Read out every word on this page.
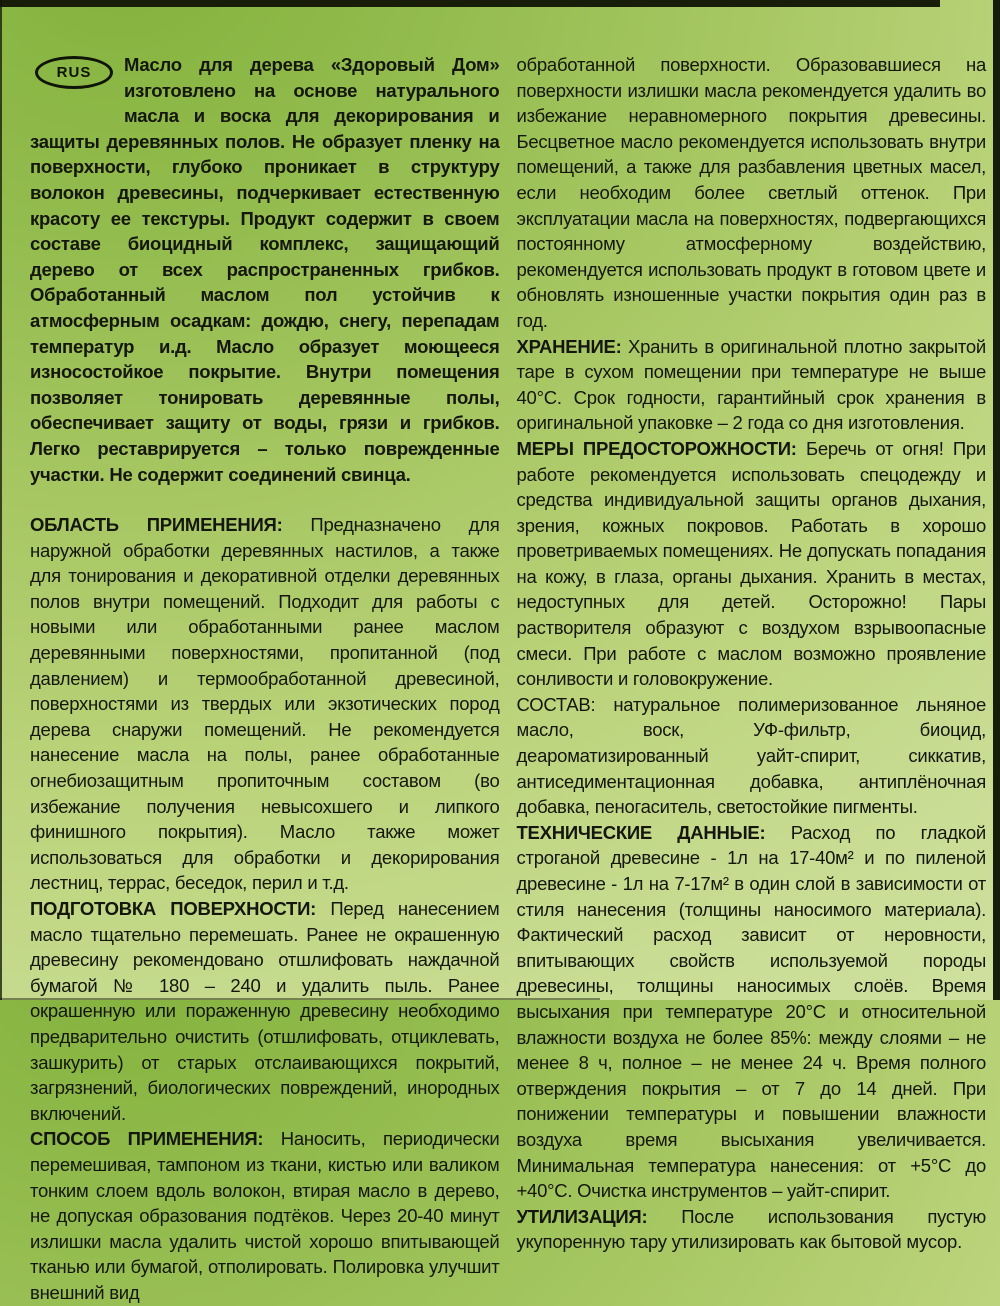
RUS	Масло для дерева «Здоровый Дом» изготовлено на основе натурального масла и воска для декорирования и защиты деревянных полов. Не образует пленку на поверхности, глубоко проникает в структуру волокон древесины, подчеркивает естественную красоту ее текстуры. Продукт содержит в своем составе биоцидный комплекс, защищающий дерево от всех распространенных грибков. Обработанный маслом пол устойчив к атмосферным осадкам: дождю, снегу, перепадам температур и.д. Масло образует моющееся износостойкое покрытие. Внутри помещения позволяет тонировать деревянные полы, обеспечивает защиту от воды, грязи и грибков. Легко реставрируется – только поврежденные участки. Не содержит соединений свинца.

ОБЛАСТЬ ПРИМЕНЕНИЯ: Предназначено для наружной обработки деревянных настилов, а также для тонирования и декоративной отделки деревянных полов внутри помещений. Подходит для работы с новыми или обработанными ранее маслом деревянными поверхностями, пропитанной (под давлением) и термообработанной древесиной, поверхностями из твердых или экзотических пород дерева снаружи помещений. Не рекомендуется нанесение масла на полы, ранее обработанные огнебиозащитным пропиточным составом (во избежание получения невысохшего и липкого финишного покрытия). Масло также может использоваться для обработки и декорирования лестниц, террас, беседок, перил и т.д.

ПОДГОТОВКА ПОВЕРХНОСТИ: Перед нанесением масло тщательно перемешать. Ранее не окрашенную древесину рекомендовано отшлифовать наждачной бумагой № 180 – 240 и удалить пыль. Ранее окрашенную или пораженную древесину необходимо предварительно очистить (отшлифовать, отциклевать, зашкурить) от старых отслаивающихся покрытий, загрязнений, биологических повреждений, инородных включений.

СПОСОБ ПРИМЕНЕНИЯ: Наносить, периодически перемешивая, тампоном из ткани, кистью или валиком тонким слоем вдоль волокон, втирая масло в дерево, не допуская образования подтёков. Через 20-40 минут излишки масла удалить чистой хорошо впитывающей тканью или бумагой, отполировать. Полировка улучшит внешний вид

обработанной поверхности. Образовавшиеся на поверхности излишки масла рекомендуется удалить во избежание неравномерного покрытия древесины. Бесцветное масло рекомендуется использовать внутри помещений, а также для разбавления цветных масел, если необходим более светлый оттенок. При эксплуатации масла на поверхностях, подвергающихся постоянному атмосферному воздействию, рекомендуется использовать продукт в готовом цвете и обновлять изношенные участки покрытия один раз в год.

ХРАНЕНИЕ: Хранить в оригинальной плотно закрытой таре в сухом помещении при температуре не выше 40°С. Срок годности, гарантийный срок хранения в оригинальной упаковке – 2 года со дня изготовления.

МЕРЫ ПРЕДОСТОРОЖНОСТИ: Беречь от огня! При работе рекомендуется использовать спецодежду и средства индивидуальной защиты органов дыхания, зрения, кожных покровов. Работать в хорошо проветриваемых помещениях. Не допускать попадания на кожу, в глаза, органы дыхания. Хранить в местах, недоступных для детей. Осторожно! Пары растворителя образуют с воздухом взрывоопасные смеси. При работе с маслом возможно проявление сонливости и головокружение.

СОСТАВ: натуральное полимеризованное льняное масло, воск, УФ-фильтр, биоцид, деароматизированный уайт-спирит, сиккатив, антиседиментационная добавка, антиплёночная добавка, пеногаситель, светостойкие пигменты.

ТЕХНИЧЕСКИЕ ДАННЫЕ: Расход по гладкой строганой древесине - 1л на 17-40м² и по пиленой древесине - 1л на 7-17м² в один слой в зависимости от стиля нанесения (толщины наносимого материала). Фактический расход зависит от неровности, впитывающих свойств используемой породы древесины, толщины наносимых слоёв. Время высыхания при температуре 20°С и относительной влажности воздуха не более 85%: между слоями – не менее 8 ч, полное – не менее 24 ч. Время полного отверждения покрытия – от 7 до 14 дней. При понижении температуры и повышении влажности воздуха время высыхания увеличивается. Минимальная температура нанесения: от +5°С до +40°С. Очистка инструментов – уайт-спирит.

УТИЛИЗАЦИЯ: После использования пустую укупоренную тару утилизировать как бытовой мусор.
